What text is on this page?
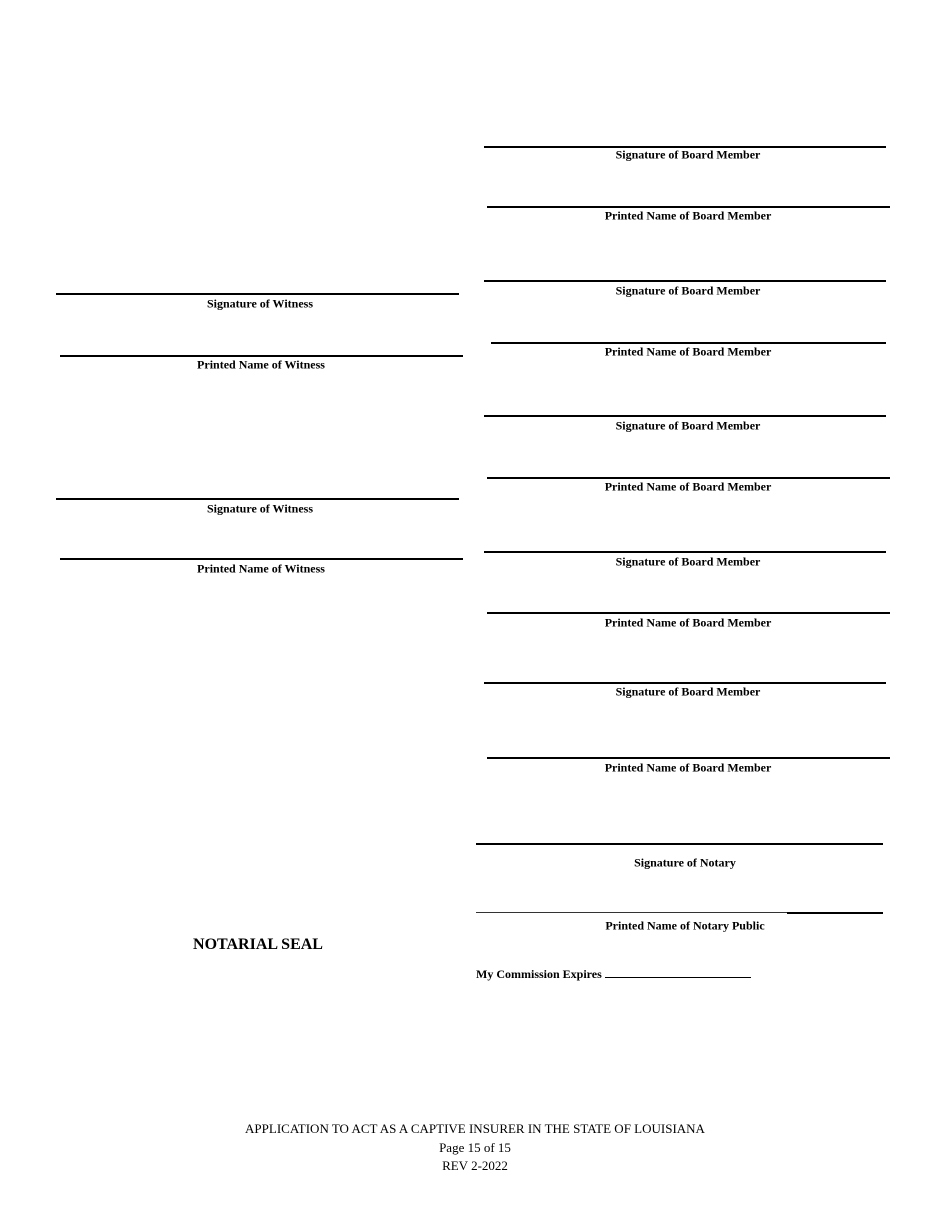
Signature of Board Member
Printed Name of Board Member
Signature of Board Member
Printed Name of Board Member
Signature of Board Member
Printed Name of Board Member
Signature of Board Member
Printed Name of Board Member
Signature of Board Member
Printed Name of Board Member
Signature of Witness
Printed Name of Witness
Signature of Witness
Printed Name of Witness
Signature of Notary
Printed Name of Notary Public
NOTARIAL SEAL
My Commission Expires
APPLICATION TO ACT AS A CAPTIVE INSURER IN THE STATE OF LOUISIANA
Page 15 of 15
REV 2-2022
